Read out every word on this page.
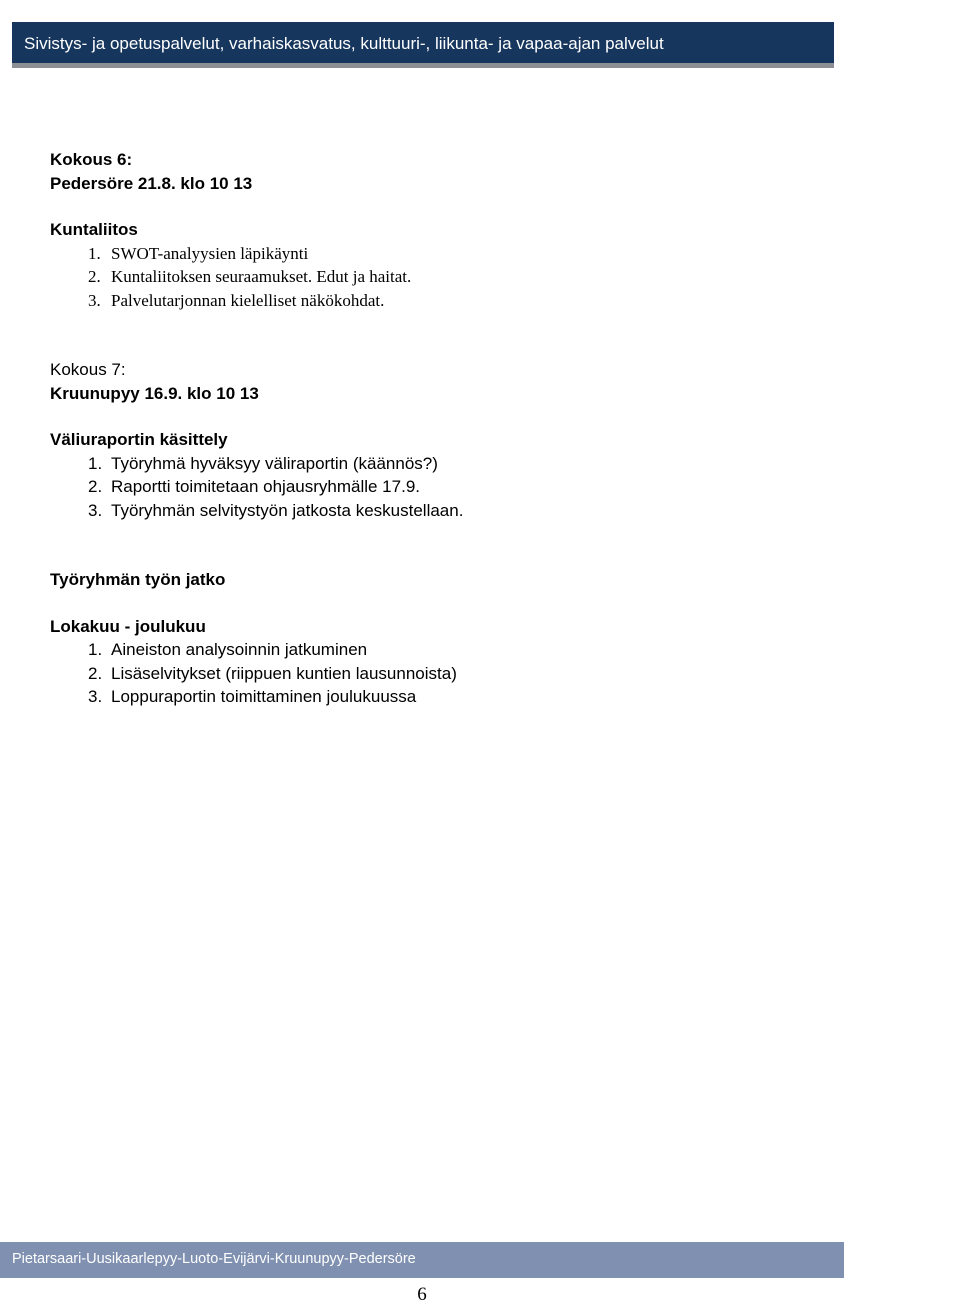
Sivistys- ja opetuspalvelut, varhaiskasvatus, kulttuuri-, liikunta- ja vapaa-ajan palvelut

Kokous 6:

Pedersöre 21.8. klo 10 13

Kuntaliitos

1. SWOT-analyysien läpikäynti
2. Kuntaliitoksen seuraamukset. Edut ja haitat.
3. Palvelutarjonnan kielelliset näkökohdat.

Kokous 7:

Kruunupyy 16.9. klo 10 13

Väliuraportin käsittely

1. Työryhmä hyväksyy väliraportin (käännös?)
2. Raportti toimitetaan ohjausryhmälle 17.9.
3. Työryhmän selvitystyön jatkosta keskustellaan.

Työryhmän työn jatko

Lokakuu - joulukuu

1. Aineiston analysoinnin jatkuminen
2. Lisäselvitykset (riippuen kuntien lausunnoista)
3. Loppuraportin toimittaminen joulukuussa
Pietarsaari-Uusikaarlepyy-Luoto-Evijärvi-Kruunupyy-Pedersöre
6
